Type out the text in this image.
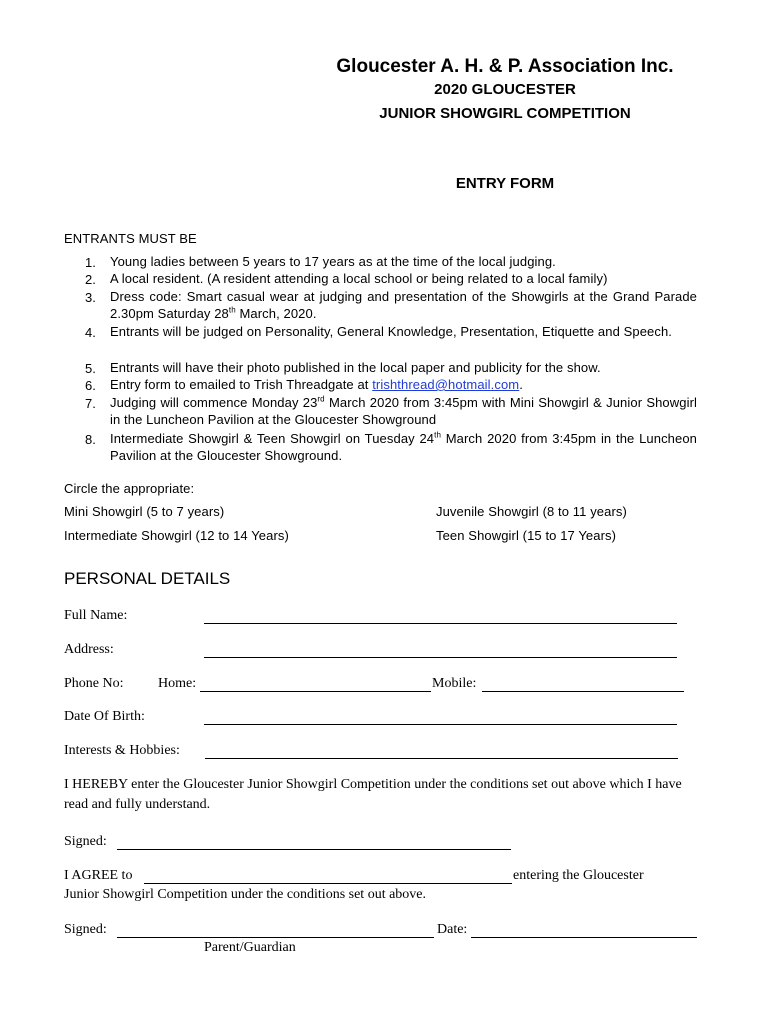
Gloucester A. H. & P. Association Inc.
2020 GLOUCESTER
JUNIOR SHOWGIRL COMPETITION
ENTRY FORM
ENTRANTS MUST BE
1.	Young ladies between 5 years to 17 years as at the time of the local judging.
2.	A local resident. (A resident attending a local school or being related to a local family)
3.	Dress code: Smart casual wear at judging and presentation of the Showgirls at the Grand Parade 2.30pm Saturday 28th March, 2020.
4.	Entrants will be judged on Personality, General Knowledge, Presentation, Etiquette and Speech.
5.	Entrants will have their photo published in the local paper and publicity for the show.
6.	Entry form to emailed to Trish Threadgate at trishthread@hotmail.com.
7.	Judging will commence Monday 23rd March 2020 from 3:45pm with Mini Showgirl & Junior Showgirl in the Luncheon Pavilion at the Gloucester Showground
8.	Intermediate Showgirl & Teen Showgirl on Tuesday 24th March 2020 from 3:45pm in the Luncheon Pavilion at the Gloucester Showground.
Circle the appropriate:
Mini Showgirl (5 to 7 years)	Juvenile Showgirl (8 to 11 years)
Intermediate Showgirl (12 to 14 Years)	Teen Showgirl (15 to 17 Years)
PERSONAL DETAILS
Full Name:
Address:
Phone No: Home:	Mobile:
Date Of Birth:
Interests & Hobbies:
I HEREBY enter the Gloucester Junior Showgirl Competition under the conditions set out above which I have read and fully understand.
Signed:
I AGREE to	entering the Gloucester
Junior Showgirl Competition under the conditions set out above.
Signed:	Date:
Parent/Guardian
